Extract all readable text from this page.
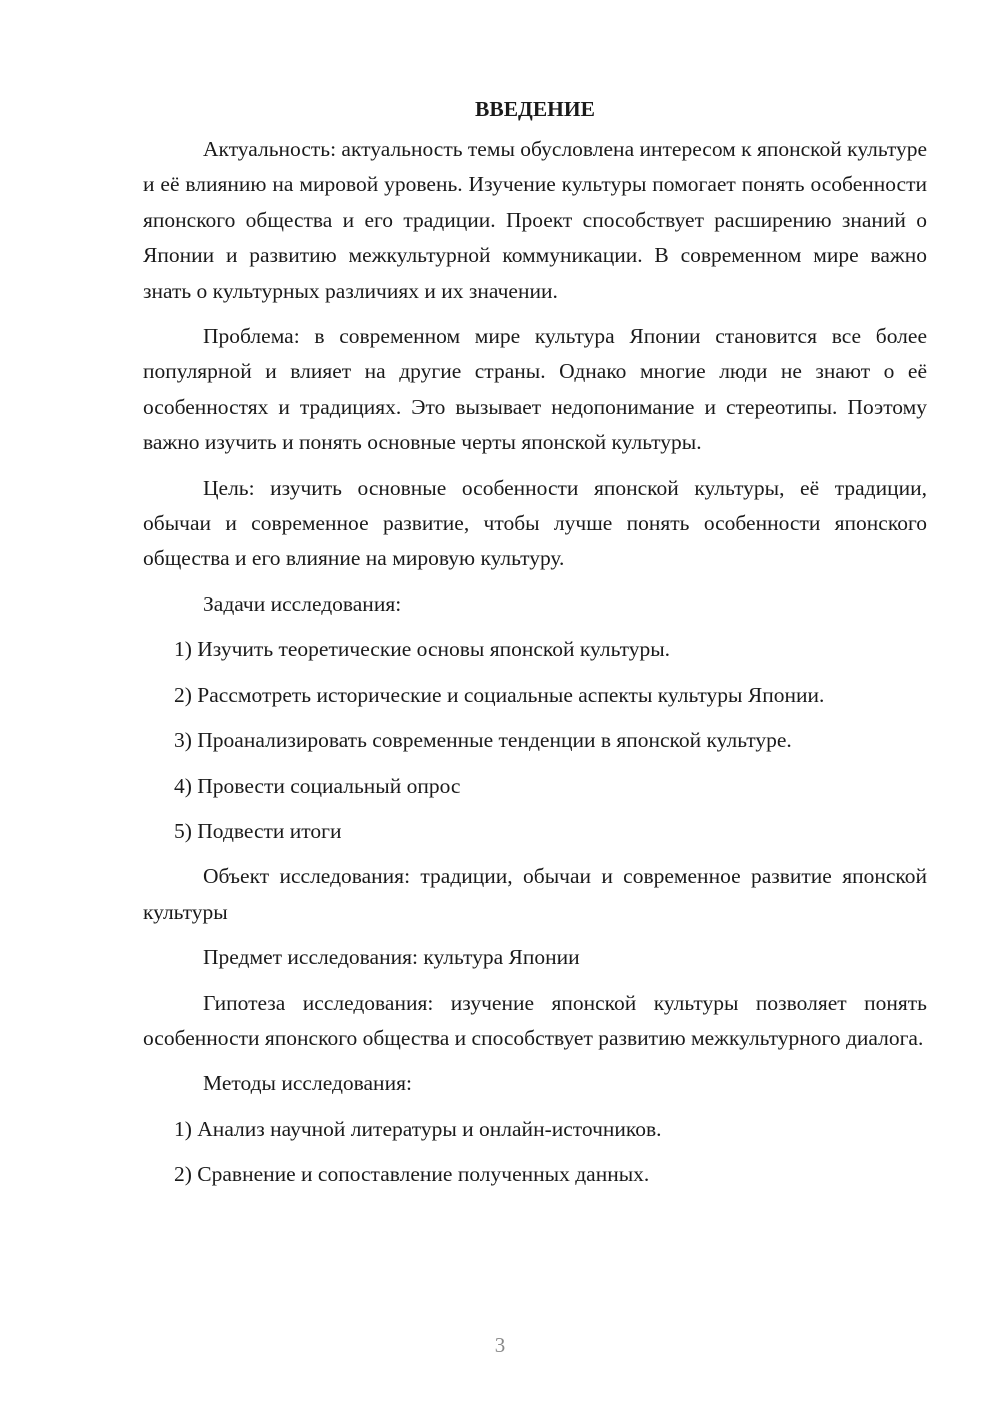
ВВЕДЕНИЕ

Актуальность: актуальность темы обусловлена интересом к японской культуре и её влиянию на мировой уровень. Изучение культуры помогает понять особенности японского общества и его традиции. Проект способствует расширению знаний о Японии и развитию межкультурной коммуникации. В современном мире важно знать о культурных различиях и их значении.

Проблема: в современном мире культура Японии становится все более популярной и влияет на другие страны. Однако многие люди не знают о её особенностях и традициях. Это вызывает недопонимание и стереотипы. Поэтому важно изучить и понять основные черты японской культуры.

Цель: изучить основные особенности японской культуры, её традиции, обычаи и современное развитие, чтобы лучше понять особенности японского общества и его влияние на мировую культуру.

Задачи исследования:

1) Изучить теоретические основы японской культуры.

2) Рассмотреть исторические и социальные аспекты культуры Японии.

3) Проанализировать современные тенденции в японской культуре.

4) Провести социальный опрос

5) Подвести итоги

Объект исследования: традиции, обычаи и современное развитие японской культуры

Предмет исследования: культура Японии

Гипотеза исследования: изучение японской культуры позволяет понять особенности японского общества и способствует развитию межкультурного диалога.

Методы исследования:

1) Анализ научной литературы и онлайн-источников.

2) Сравнение и сопоставление полученных данных.

3
